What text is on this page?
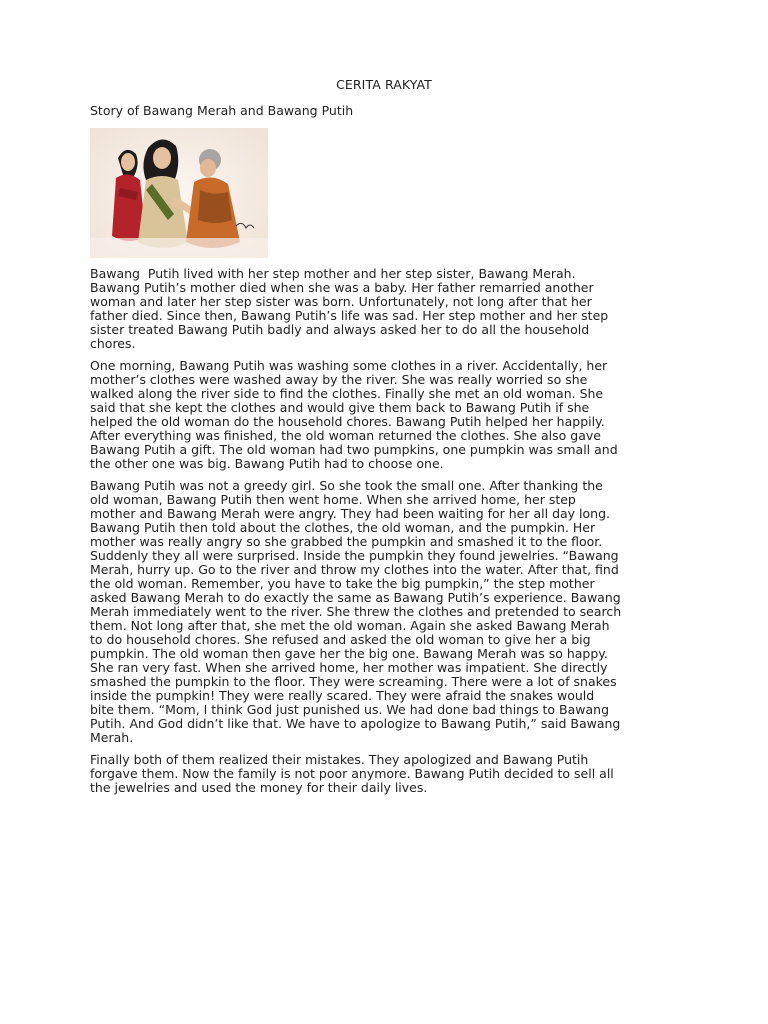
CERITA RAKYAT
Story of Bawang Merah and Bawang Putih

Bawang  Putih lived with her step mother and her step sister, Bawang Merah.
Bawang Putih’s mother died when she was a baby. Her father remarried another
woman and later her step sister was born. Unfortunately, not long after that her
father died. Since then, Bawang Putih’s life was sad. Her step mother and her step
sister treated Bawang Putih badly and always asked her to do all the household
chores.

One morning, Bawang Putih was washing some clothes in a river. Accidentally, her
mother’s clothes were washed away by the river. She was really worried so she
walked along the river side to find the clothes. Finally she met an old woman. She
said that she kept the clothes and would give them back to Bawang Putih if she
helped the old woman do the household chores. Bawang Putih helped her happily.
After everything was finished, the old woman returned the clothes. She also gave
Bawang Putih a gift. The old woman had two pumpkins, one pumpkin was small and
the other one was big. Bawang Putih had to choose one.

Bawang Putih was not a greedy girl. So she took the small one. After thanking the
old woman, Bawang Putih then went home. When she arrived home, her step
mother and Bawang Merah were angry. They had been waiting for her all day long.
Bawang Putih then told about the clothes, the old woman, and the pumpkin. Her
mother was really angry so she grabbed the pumpkin and smashed it to the floor.
Suddenly they all were surprised. Inside the pumpkin they found jewelries. “Bawang
Merah, hurry up. Go to the river and throw my clothes into the water. After that, find
the old woman. Remember, you have to take the big pumpkin,” the step mother
asked Bawang Merah to do exactly the same as Bawang Putih’s experience. Bawang
Merah immediately went to the river. She threw the clothes and pretended to search
them. Not long after that, she met the old woman. Again she asked Bawang Merah
to do household chores. She refused and asked the old woman to give her a big
pumpkin. The old woman then gave her the big one. Bawang Merah was so happy.
She ran very fast. When she arrived home, her mother was impatient. She directly
smashed the pumpkin to the floor. They were screaming. There were a lot of snakes
inside the pumpkin! They were really scared. They were afraid the snakes would
bite them. “Mom, I think God just punished us. We had done bad things to Bawang
Putih. And God didn’t like that. We have to apologize to Bawang Putih,” said Bawang
Merah.

Finally both of them realized their mistakes. They apologized and Bawang Putih
forgave them. Now the family is not poor anymore. Bawang Putih decided to sell all
the jewelries and used the money for their daily lives.
